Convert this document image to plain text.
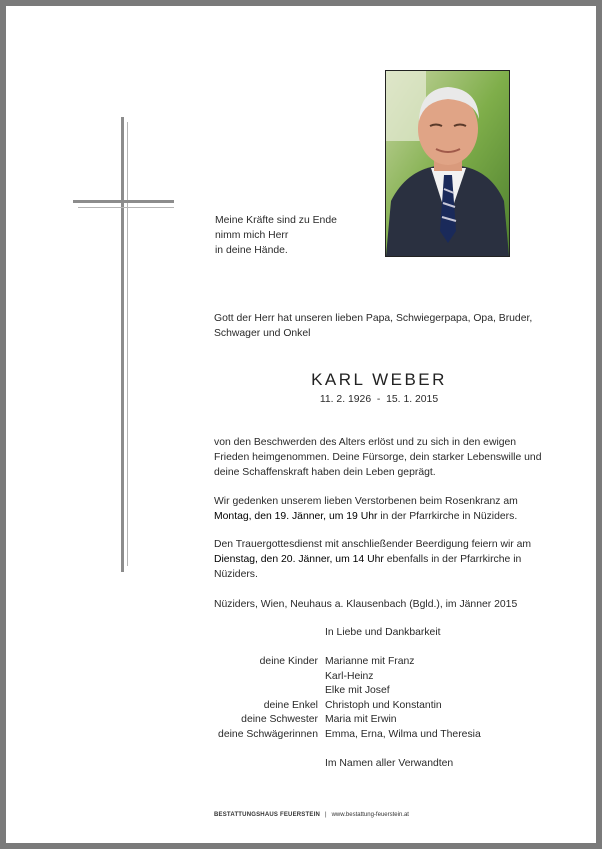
Meine Kräfte sind zu Ende
nimm mich Herr
in deine Hände.
Gott der Herr hat unseren lieben Papa, Schwiegerpapa, Opa, Bruder, Schwager und Onkel
KARL WEBER
11. 2. 1926  -  15. 1. 2015
von den Beschwerden des Alters erlöst und zu sich in den ewigen Frieden heimgenommen. Deine Fürsorge, dein starker Lebenswille und deine Schaffenskraft haben dein Leben geprägt.
Wir gedenken unserem lieben Verstorbenen beim Rosenkranz am Montag, den 19. Jänner, um 19 Uhr in der Pfarrkirche in Nüziders.
Den Trauergottesdienst mit anschließender Beerdigung feiern wir am Dienstag, den 20. Jänner, um 14 Uhr ebenfalls in der Pfarrkirche in Nüziders.
Nüziders, Wien, Neuhaus a. Klausenbach (Bgld.), im Jänner 2015
In Liebe und Dankbarkeit
deine Kinder Marianne mit Franz
Karl-Heinz
Elke mit Josef
deine Enkel Christoph und Konstantin
deine Schwester Maria mit Erwin
deine Schwägerinnen Emma, Erna, Wilma und Theresia
Im Namen aller Verwandten
BESTATTUNGSHAUS FEUERSTEIN | www.bestattung-feuerstein.at
